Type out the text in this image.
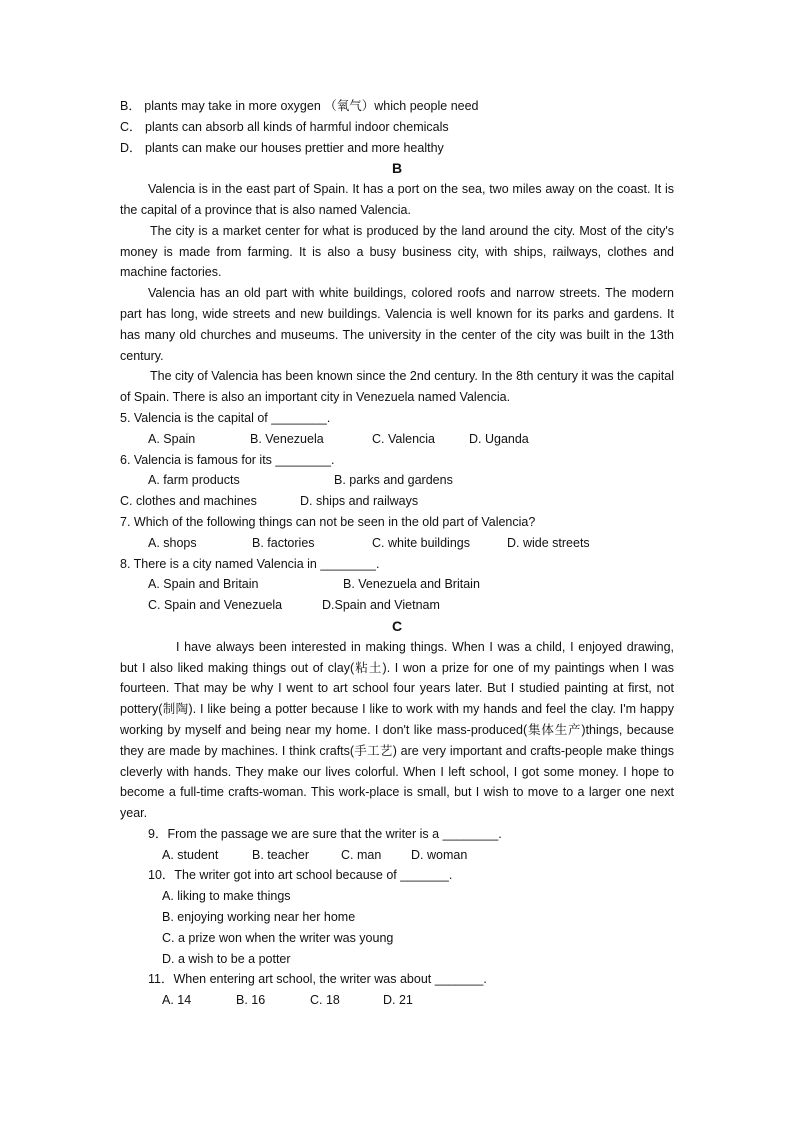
B． plants may take in more oxygen （氧气）which people need
C． plants can absorb all kinds of harmful indoor chemicals
D． plants can make our houses prettier and more healthy
B
Valencia is in the east part of Spain. It has a port on the sea, two miles away on the coast. It is the capital of a province that is also named Valencia.
The city is a market center for what is produced by the land around the city. Most of the city's money is made from farming. It is also a busy business city, with ships, railways, clothes and machine factories.
Valencia has an old part with white buildings, colored roofs and narrow streets. The modern part has long, wide streets and new buildings. Valencia is well known for its parks and gardens. It has many old churches and museums. The university in the center of the city was built in the 13th century.
The city of Valencia has been known since the 2nd century. In the 8th century it was the capital of Spain. There is also an important city in Venezuela named Valencia.
5. Valencia is the capital of ________.
A. Spain	B. Venezuela	C. Valencia	D. Uganda
6. Valencia is famous for its ________.
A. farm products	B. parks and gardens
C. clothes and machines	D. ships and railways
7. Which of the following things can not be seen in the old part of Valencia?
A. shops	B. factories	C. white buildings	D. wide streets
8. There is a city named Valencia in ________.
A. Spain and Britain	B. Venezuela and Britain
C. Spain and Venezuela	D.Spain and Vietnam
C
I have always been interested in making things. When I was a child, I enjoyed drawing, but I also liked making things out of clay(粘土). I won a prize for one of my paintings when I was fourteen. That may be why I went to art school four years later. But I studied painting at first, not pottery(制陶). I like being a potter because I like to work with my hands and feel the clay. I'm happy working by myself and being near my home. I don't like mass-produced(集体生产)things, because they are made by machines. I think crafts(手工艺) are very important and crafts-people make things cleverly with hands. They make our lives colorful. When I left school, I got some money. I hope to become a full-time crafts-woman. This work-place is small, but I wish to move to a larger one next year.
9．From the passage we are sure that the writer is a ________.
A. student	B. teacher	C. man	D. woman
10．The writer got into art school because of _______.
A. liking to make things
B. enjoying working near her home
C. a prize won when the writer was young
D. a wish to be a potter
11．When entering art school, the writer was about _______.
A. 14	B. 16	C. 18	D. 21
